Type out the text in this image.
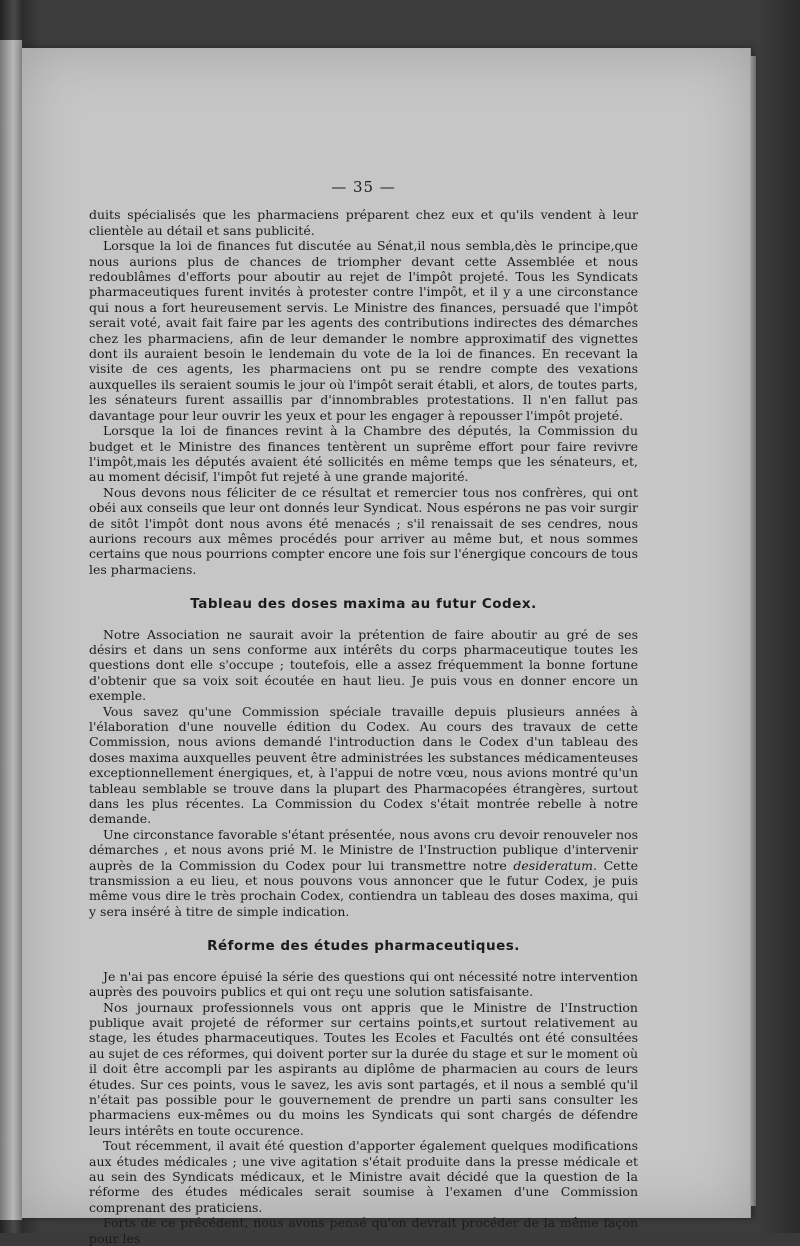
— 35 —

duits spécialisés que les pharmaciens préparent chez eux et qu'ils vendent à leur clientèle au détail et sans publicité.

Lorsque la loi de finances fut discutée au Sénat,il nous sembla,dès le principe,que nous aurions plus de chances de triompher devant cette Assemblée et nous redoublâmes d'efforts pour aboutir au rejet de l'impôt projeté. Tous les Syndicats pharmaceutiques furent invités à protester contre l'impôt, et il y a une circonstance qui nous a fort heureusement servis. Le Ministre des finances, persuadé que l'impôt serait voté, avait fait faire par les agents des contributions indirectes des démarches chez les pharmaciens, afin de leur demander le nombre approximatif des vignettes dont ils auraient besoin le lendemain du vote de la loi de finances. En recevant la visite de ces agents, les pharmaciens ont pu se rendre compte des vexations auxquelles ils seraient soumis le jour où l'impôt serait établi, et alors, de toutes parts, les sénateurs furent assaillis par d'innombrables protestations. Il n'en fallut pas davantage pour leur ouvrir les yeux et pour les engager à repousser l'impôt projeté.

Lorsque la loi de finances revint à la Chambre des députés, la Commission du budget et le Ministre des finances tentèrent un suprême effort pour faire revivre l'impôt,mais les députés avaient été sollicités en même temps que les sénateurs, et, au moment décisif, l'impôt fut rejeté à une grande majorité.

Nous devons nous féliciter de ce résultat et remercier tous nos confrères, qui ont obéi aux conseils que leur ont donnés leur Syndicat. Nous espérons ne pas voir surgir de sitôt l'impôt dont nous avons été menacés ; s'il renaissait de ses cendres, nous aurions recours aux mêmes procédés pour arriver au même but, et nous sommes certains que nous pourrions compter encore une fois sur l'énergique concours de tous les pharmaciens.

Tableau des doses maxima au futur Codex.

Notre Association ne saurait avoir la prétention de faire aboutir au gré de ses désirs et dans un sens conforme aux intérêts du corps pharmaceutique toutes les questions dont elle s'occupe ; toutefois, elle a assez fréquemment la bonne fortune d'obtenir que sa voix soit écoutée en haut lieu. Je puis vous en donner encore un exemple.

Vous savez qu'une Commission spéciale travaille depuis plusieurs années à l'élaboration d'une nouvelle édition du Codex. Au cours des travaux de cette Commission, nous avions demandé l'introduction dans le Codex d'un tableau des doses maxima auxquelles peuvent être administrées les substances médicamenteuses exceptionnellement énergiques, et, à l'appui de notre vœu, nous avions montré qu'un tableau semblable se trouve dans la plupart des Pharmacopées étrangères, surtout dans les plus récentes. La Commission du Codex s'était montrée rebelle à notre demande.

Une circonstance favorable s'étant présentée, nous avons cru devoir renouveler nos démarches , et nous avons prié M. le Ministre de l'Instruction publique d'intervenir auprès de la Commission du Codex pour lui transmettre notre desideratum. Cette transmission a eu lieu, et nous pouvons vous annoncer que le futur Codex, je puis même vous dire le très prochain Codex, contiendra un tableau des doses maxima, qui y sera inséré à titre de simple indication.

Réforme des études pharmaceutiques.

Je n'ai pas encore épuisé la série des questions qui ont nécessité notre intervention auprès des pouvoirs publics et qui ont reçu une solution satisfaisante.

Nos journaux professionnels vous ont appris que le Ministre de l'Instruction publique avait projeté de réformer sur certains points,et surtout relativement au stage, les études pharmaceutiques. Toutes les Ecoles et Facultés ont été consultées au sujet de ces réformes, qui doivent porter sur la durée du stage et sur le moment où il doit être accompli par les aspirants au diplôme de pharmacien au cours de leurs études. Sur ces points, vous le savez, les avis sont partagés, et il nous a semblé qu'il n'était pas possible pour le gouvernement de prendre un parti sans consulter les pharmaciens eux-mêmes ou du moins les Syndicats qui sont chargés de défendre leurs intérêts en toute occurence.

Tout récemment, il avait été question d'apporter également quelques modifications aux études médicales ; une vive agitation s'était produite dans la presse médicale et au sein des Syndicats médicaux, et le Ministre avait décidé que la question de la réforme des études médicales serait soumise à l'examen d'une Commission comprenant des praticiens.

Forts de ce précédent, nous avons pensé qu'on devrait procéder de la même façon pour les
